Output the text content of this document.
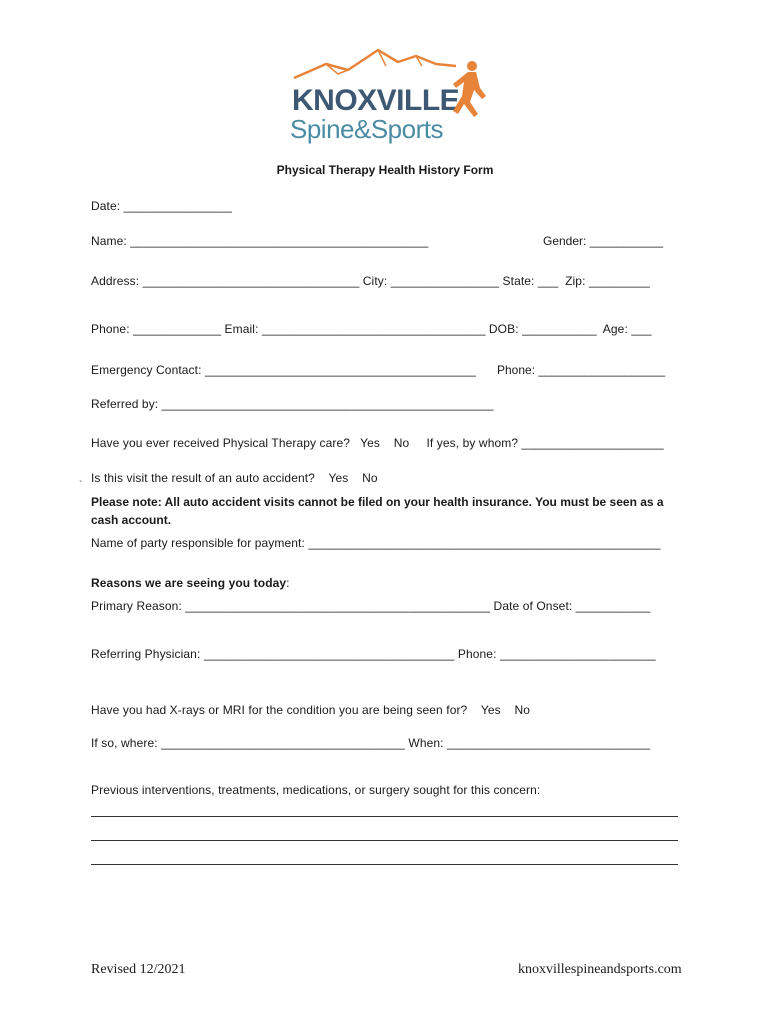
KNOXVILLE
Spine&Sports
Physical Therapy Health History Form
Date: ________________
Name: ____________________________________________	Gender: ___________
Address: ________________________________ City: ________________ State: ___  Zip: _________
Phone: _____________ Email: _________________________________ DOB: ___________  Age: ___
Emergency Contact: ________________________________________ Phone: ___________________
Referred by: _________________________________________________
Have you ever received Physical Therapy care?   Yes    No     If yes, by whom? _____________________
`
Is this visit the result of an auto accident?    Yes    No
Please note: All auto accident visits cannot be filed on your health insurance. You must be seen as a cash account.
Name of party responsible for payment: ____________________________________________________
Reasons we are seeing you today:
Primary Reason: _____________________________________________ Date of Onset: ___________
Referring Physician: _____________________________________ Phone: _______________________
Have you had X-rays or MRI for the condition you are being seen for?    Yes    No
If so, where: ____________________________________ When: ______________________________
Previous interventions, treatments, medications, or surgery sought for this concern:
Revised 12/2021	knoxvillespineandsports.com
